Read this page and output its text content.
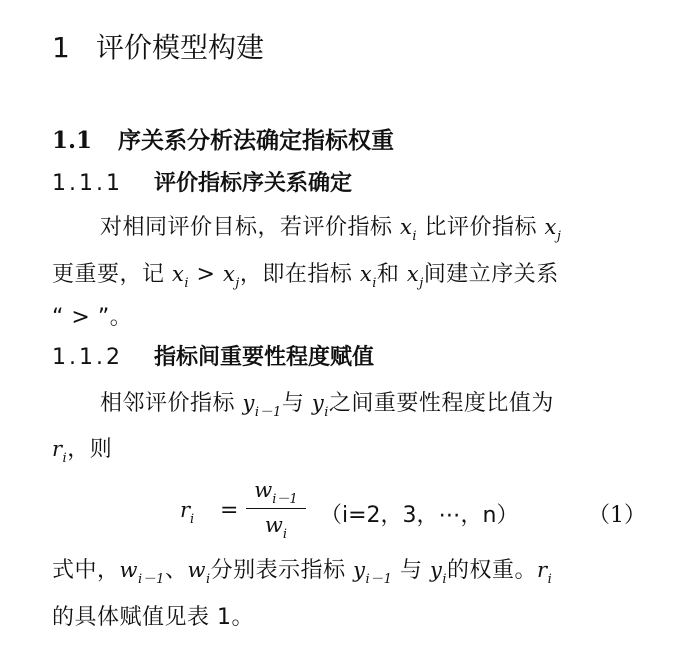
1 评价模型构建
1.1 序关系分析法确定指标权重
1.1.1 评价指标序关系确定
对相同评价目标，若评价指标 $x_i$ 比评价指标 $x_j$
更重要，记 $x_i > x_j$，即在指标 $x_i$和 $x_j$间建立序关系
“ > ”。
1.1.2 指标间重要性程度赋值
相邻评价指标 $y_{i-1}$与 $y_i$之间重要性程度比值为
$r_i$，则
$r_i$ =
$w_{i-1}$
$w_i$
（i=2，3，⋯，n）	（1）
式中，$w_{i-1}$、$w_i$分别表示指标 $y_{i-1}$ 与 $y_i$的权重。$r_i$
的具体赋值见表 1。
